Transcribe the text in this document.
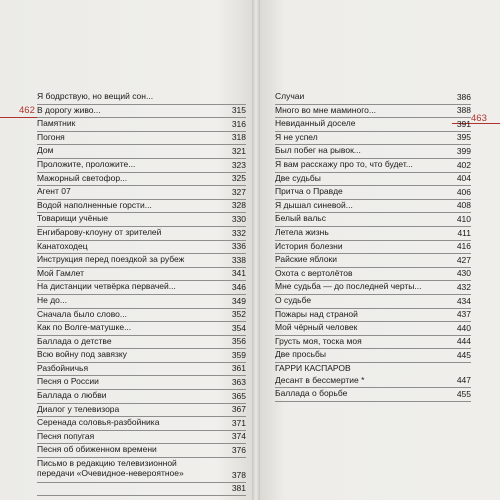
462
463
Я бодрствую, но вещий сон...
В дорогу живо...	315
Памятник	316
Погоня	318
Дом	321
Проложите, проложите...	323
Мажорный светофор...	325
Агент 07	327
Водой наполненные горсти...	328
Товарищи учёные	330
Енгибарову-клоуну от зрителей	332
Канатоходец	336
Инструкция перед поездкой за рубеж	338
Мой Гамлет	341
На дистанции четвёрка первачей...	346
Не до...	349
Сначала было слово...	352
Как по Волге-матушке...	354
Баллада о детстве	356
Всю войну под завязку	359
Разбойничья	361
Песня о России	363
Баллада о любви	365
Диалог у телевизора	367
Серенада соловья-разбойника	371
Песня попугая	374
Песня об обиженном времени	376
Письмо в редакцию телевизионной передачи «Очевидное-невероятное»	378
381
Случаи	386
Много во мне маминого...	388
Невиданный доселе	391
Я не успел	395
Был побег на рывок...	399
Я вам расскажу про то, что будет...	402
Две судьбы	404
Притча о Правде	406
Я дышал синевой...	408
Белый вальс	410
Летела жизнь	411
История болезни	416
Райские яблоки	427
Охота с вертолётов	430
Мне судьба — до последней черты...	432
О судьбе	434
Пожары над страной	437
Мой чёрный человек	440
Грусть моя, тоска моя	444
Две просьбы	445
ГАРРИ КАСПАРОВ
Десант в бессмертие *	447
Баллада о борьбе	455
